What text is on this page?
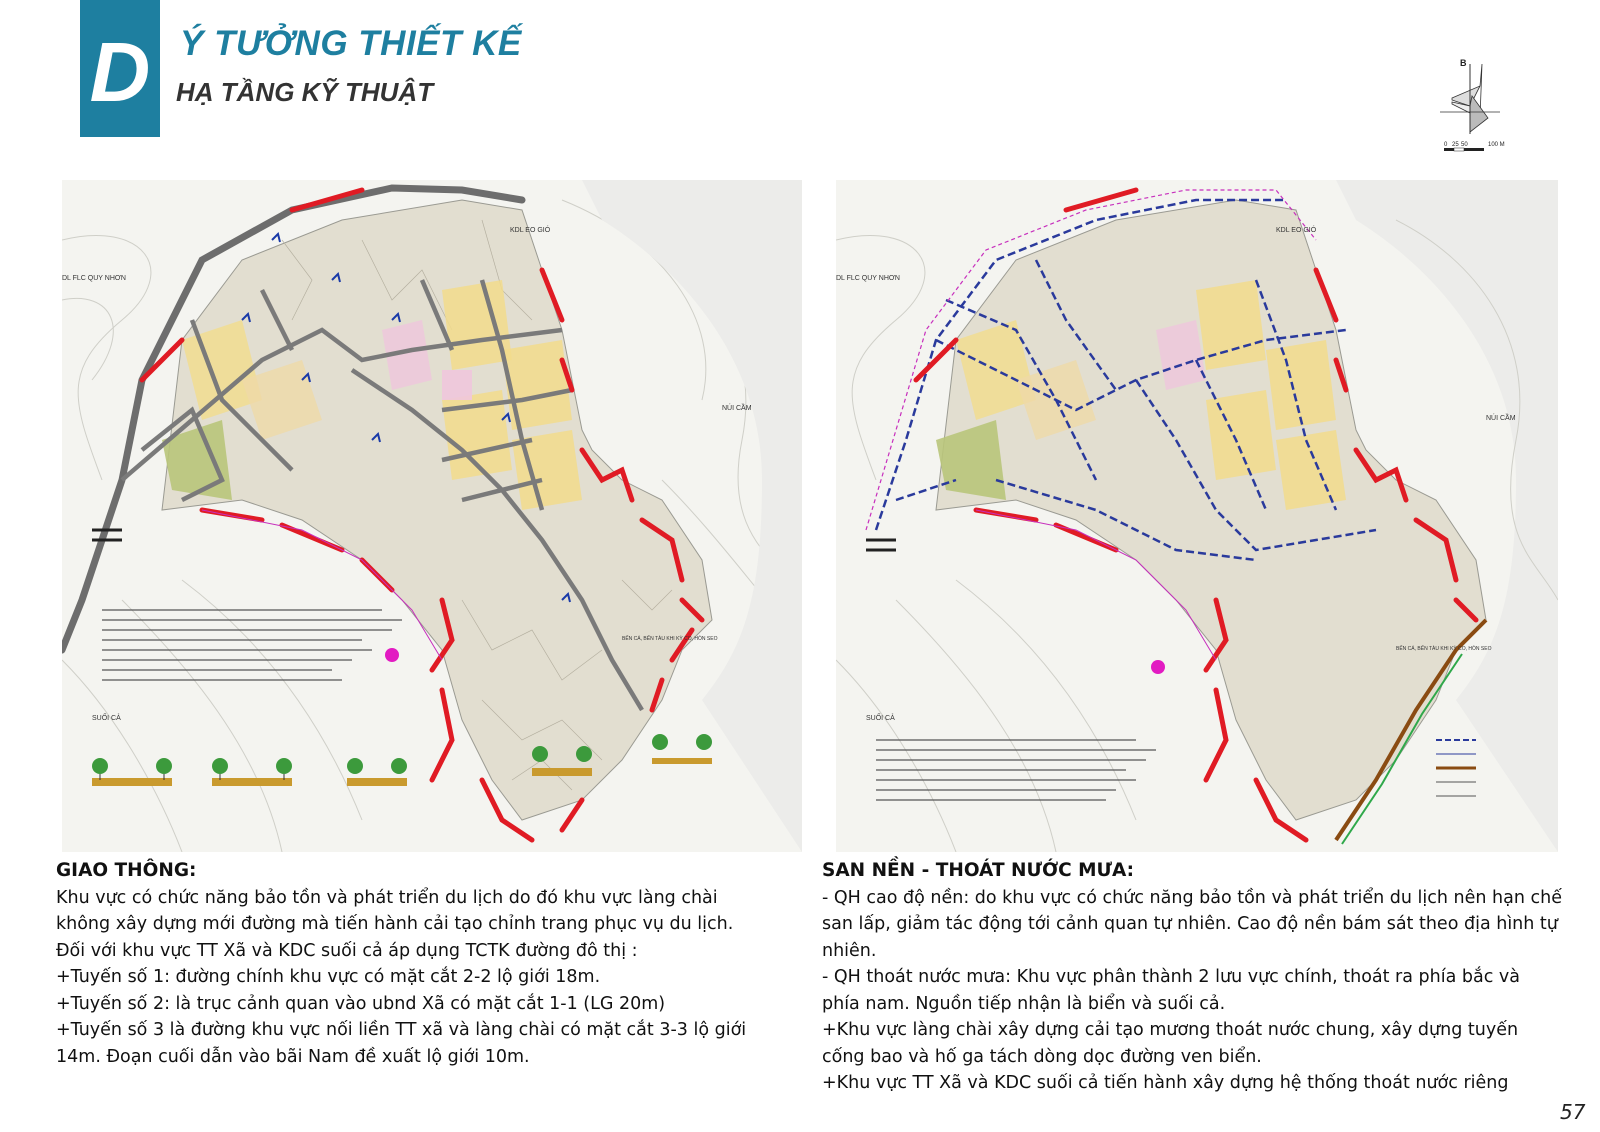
D Ý TƯỞNG THIẾT KẾ
HẠ TẦNG KỸ THUẬT
B
0 25 50	100 M
KDL EO GIÓ
DL FLC QUY NHƠN
NÚI CẦM
SUỐI CẢ
BẾN CÁ, BẾN TÀU KHI KỲ CO, HÒN SEO
KDL EO GIÓ
DL FLC QUY NHƠN
NÚI CẦM
SUỐI CẢ
BẾN CÁ, BẾN TÀU KHI KỲ CO, HÒN SEO
GIAO THÔNG:
Khu vực có chức năng bảo tồn và phát triển du lịch do đó khu vực làng chài không xây dựng mới đường mà tiến hành cải tạo chỉnh trang phục vụ du lịch.
Đối với khu vực TT Xã và KDC suối cả áp dụng TCTK đường đô thị :
+Tuyến số 1: đường chính khu vực có mặt cắt 2-2 lộ giới 18m.
+Tuyến số 2: là trục cảnh quan vào ubnd Xã có mặt cắt 1-1 (LG 20m)
+Tuyến số 3 là đường khu vực nối liền TT xã và làng chài có mặt cắt 3-3 lộ giới 14m. Đoạn cuối dẫn vào bãi Nam đề xuất lộ giới 10m.
SAN NỀN - THOÁT NƯỚC MƯA:
- QH cao độ nền: do khu vực có chức năng bảo tồn và phát triển du lịch nên hạn chế san lấp, giảm tác động tới cảnh quan tự nhiên. Cao độ nền bám sát theo địa hình tự nhiên.
- QH thoát nước mưa: Khu vực phân thành 2 lưu vực chính, thoát ra phía bắc và phía nam. Nguồn tiếp nhận là biển và suối cả.
+Khu vực làng chài xây dựng cải tạo mương thoát nước chung, xây dựng tuyến cống bao và hố ga tách dòng dọc đường ven biển.
+Khu vực TT Xã và KDC suối cả tiến hành xây dựng hệ thống thoát nước riêng
57
